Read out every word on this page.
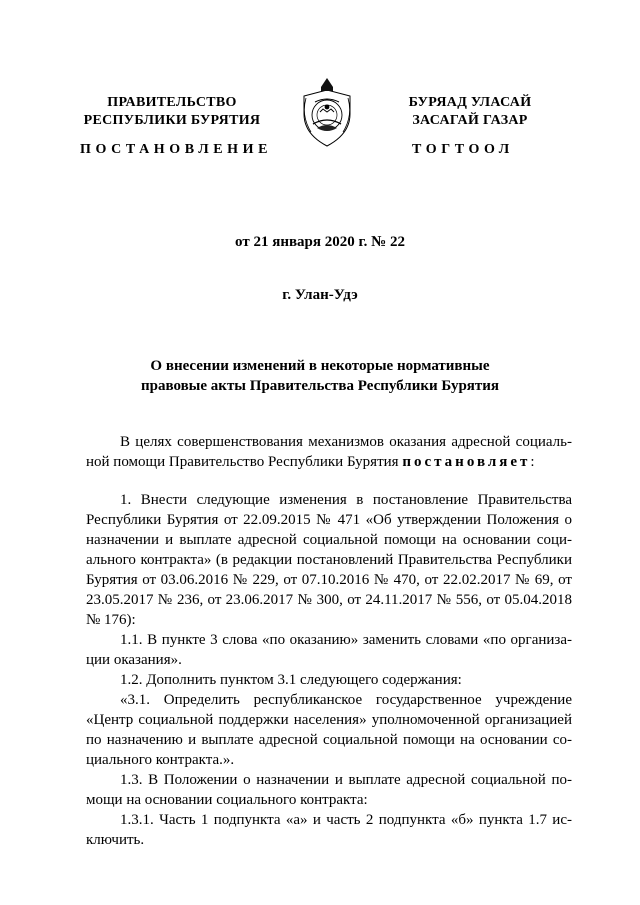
ПРАВИТЕЛЬСТВО
РЕСПУБЛИКИ БУРЯТИЯ
ПОСТАНОВЛЕНИЕ
БУРЯАД УЛАСАЙ
ЗАСАГАЙ ГАЗАР
ТОГТООЛ
от 21 января 2020 г. № 22
г. Улан-Удэ
О внесении изменений в некоторые нормативные
правовые акты Правительства Республики Бурятия
В целях совершенствования механизмов оказания адресной социаль-
ной помощи Правительство Республики Бурятия постановляет:
1. Внести следующие изменения в постановление Правительства
Республики Бурятия от 22.09.2015 № 471 «Об утверждении Положения о
назначении и выплате адресной социальной помощи на основании соци-
ального контракта» (в редакции постановлений Правительства Республики
Бурятия от 03.06.2016 № 229, от 07.10.2016 № 470, от 22.02.2017 № 69, от
23.05.2017 № 236, от 23.06.2017 № 300, от 24.11.2017 № 556, от 05.04.2018
№ 176):
1.1. В пункте 3 слова «по оказанию» заменить словами «по организа-
ции оказания».
1.2. Дополнить пунктом 3.1 следующего содержания:
«3.1. Определить республиканское государственное учреждение
«Центр социальной поддержки населения» уполномоченной организацией
по назначению и выплате адресной социальной помощи на основании со-
циального контракта.».
1.3. В Положении о назначении и выплате адресной социальной по-
мощи на основании социального контракта:
1.3.1. Часть 1 подпункта «а» и часть 2 подпункта «б» пункта 1.7 ис-
ключить.
